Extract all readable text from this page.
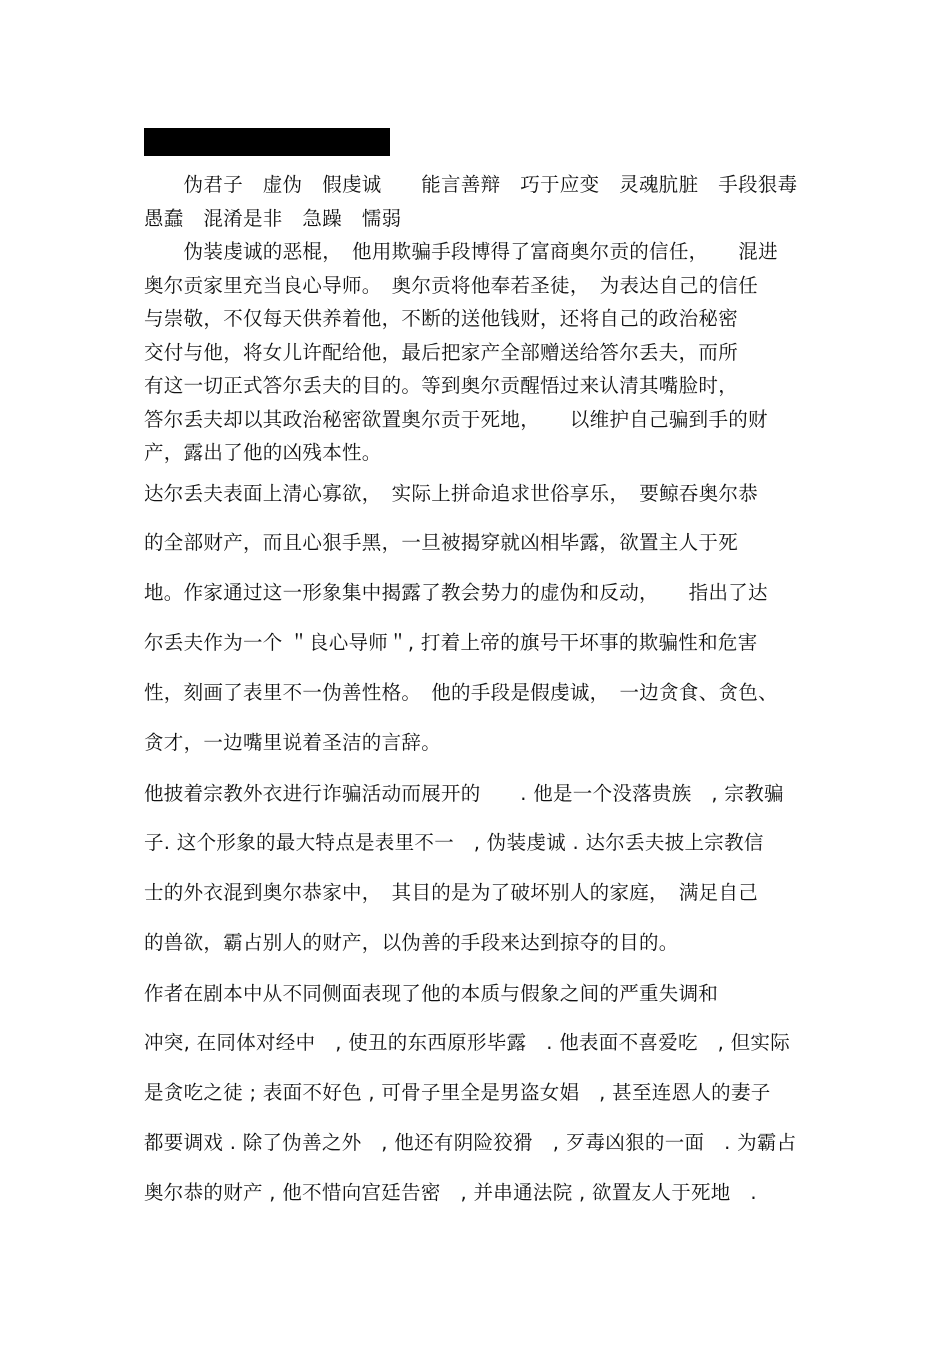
　　伪君子　虚伪　假虔诚　　能言善辩　巧于应变　灵魂肮脏　手段狠毒
愚蠢　混淆是非　急躁　懦弱
　　伪装虔诚的恶棍，　他用欺骗手段博得了富商奥尔贡的信任，　　混进
奥尔贡家里充当良心导师。　奥尔贡将他奉若圣徒，　为表达自己的信任
与崇敬，不仅每天供养着他，不断的送他钱财，还将自己的政治秘密
交付与他，将女儿许配给他，最后把家产全部赠送给答尔丢夫，而所
有这一切正式答尔丢夫的目的。等到奥尔贡醒悟过来认清其嘴脸时，
答尔丢夫却以其政治秘密欲置奥尔贡于死地，　　以维护自己骗到手的财
产，露出了他的凶残本性。
达尔丢夫表面上清心寡欲，　实际上拼命追求世俗享乐，　要鲸吞奥尔恭
的全部财产，而且心狠手黑，一旦被揭穿就凶相毕露，欲置主人于死
地。作家通过这一形象集中揭露了教会势力的虚伪和反动，　　指出了达
尔丢夫作为一个 ＂良心导师＂, 打着上帝的旗号干坏事的欺骗性和危害
性，刻画了表里不一伪善性格。　他的手段是假虔诚，　一边贪食、贪色、
贪才，一边嘴里说着圣洁的言辞。
他披着宗教外衣进行诈骗活动而展开的　　. 他是一个没落贵族　, 宗教骗
子. 这个形象的最大特点是表里不一　, 伪装虔诚 . 达尔丢夫披上宗教信
士的外衣混到奥尔恭家中，　其目的是为了破坏别人的家庭，　满足自己
的兽欲，霸占别人的财产，以伪善的手段来达到掠夺的目的。
作者在剧本中从不同侧面表现了他的本质与假象之间的严重失调和
冲突, 在同体对经中　, 使丑的东西原形毕露　. 他表面不喜爱吃　, 但实际
是贪吃之徒 ; 表面不好色 , 可骨子里全是男盗女娼　, 甚至连恩人的妻子
都要调戏 . 除了伪善之外　, 他还有阴险狡猾　, 歹毒凶狠的一面　. 为霸占
奥尔恭的财产 , 他不惜向宫廷告密　, 并串通法院 , 欲置友人于死地　.
